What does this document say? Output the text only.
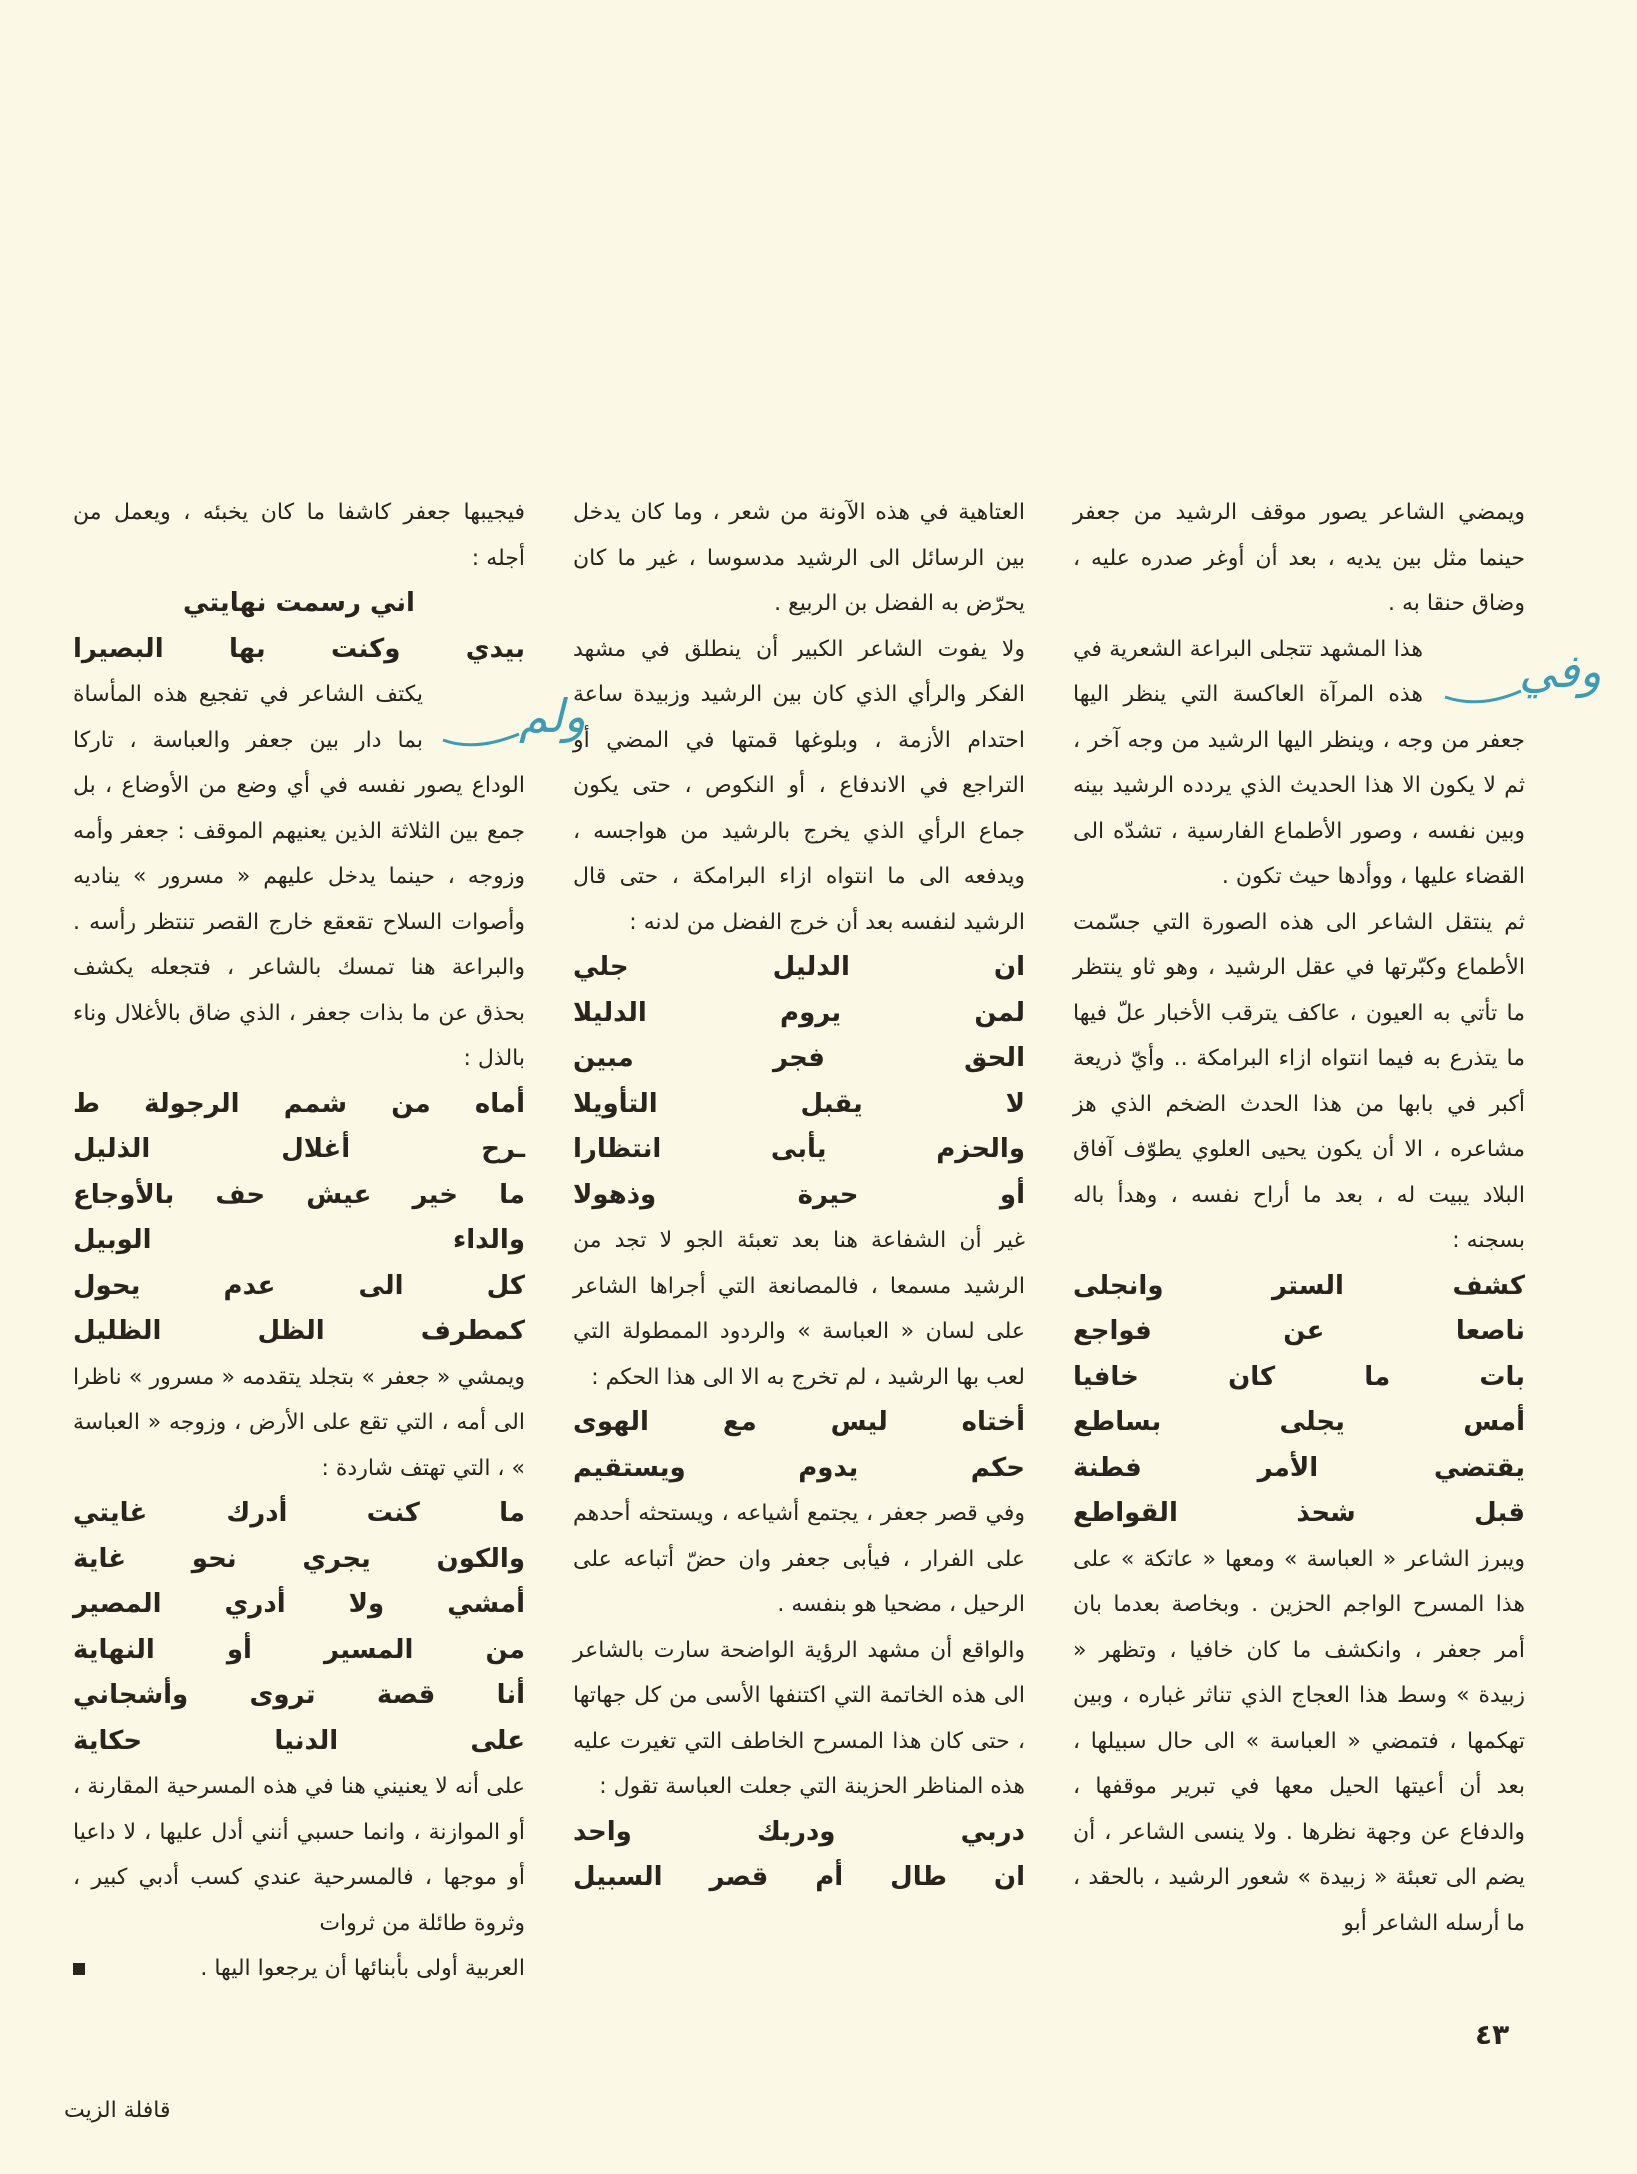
ويمضي الشاعر يصور موقف الرشيد من جعفر حينما مثل بين يديه ، بعد أن أوغر صدره عليه ، وضاق حنقا به .

وفي
هذا المشهد تتجلى البراعة الشعرية في هذه المرآة العاكسة التي ينظر اليها جعفر من وجه ، وينظر اليها الرشيد من وجه آخر ، ثم لا يكون الا هذا الحديث الذي يردده الرشيد بينه وبين نفسه ، وصور الأطماع الفارسية ، تشدّه الى القضاء عليها ، ووأدها حيث تكون .

ثم ينتقل الشاعر الى هذه الصورة التي جسّمت الأطماع وكبّرتها في عقل الرشيد ، وهو ثاو ينتظر ما تأتي به العيون ، عاكف يترقب الأخبار علّ فيها ما يتذرع به فيما انتواه ازاء البرامكة .. وأيّ ذريعة أكبر في بابها من هذا الحدث الضخم الذي هز مشاعره ، الا أن يكون يحيى العلوي يطوّف آفاق البلاد يبيت له ، بعد ما أراح نفسه ، وهدأ باله بسجنه :

كشف الستر وانجلى
ناصعا عن فواجع
بات ما كان خافيا
أمس يجلى بساطع
يقتضي الأمر فطنة
قبل شحذ القواطع

ويبرز الشاعر « العباسة » ومعها « عاتكة » على هذا المسرح الواجم الحزين . وبخاصة بعدما بان أمر جعفر ، وانكشف ما كان خافيا ، وتظهر « زبيدة » وسط هذا العجاج الذي تناثر غباره ، وبين تهكمها ، فتمضي « العباسة » الى حال سبيلها ، بعد أن أعيتها الحيل معها في تبرير موقفها ، والدفاع عن وجهة نظرها . ولا ينسى الشاعر ، أن يضم الى تعبئة « زبيدة » شعور الرشيد ، بالحقد ، ما أرسله الشاعر أبو

العتاهية في هذه الآونة من شعر ، وما كان يدخل بين الرسائل الى الرشيد مدسوسا ، غير ما كان يحرّض به الفضل بن الربيع .

ولا يفوت الشاعر الكبير أن ينطلق في مشهد الفكر والرأي الذي كان بين الرشيد وزبيدة ساعة احتدام الأزمة ، وبلوغها قمتها في المضي أو التراجع في الاندفاع ، أو النكوص ، حتى يكون جماع الرأي الذي يخرج بالرشيد من هواجسه ، ويدفعه الى ما انتواه ازاء البرامكة ، حتى قال الرشيد لنفسه بعد أن خرج الفضل من لدنه :

ان الدليل جلي
لمن يروم الدليلا
الحق فجر مبين
لا يقبل التأويلا
والحزم يأبى انتظارا
أو حيرة وذهولا

غير أن الشفاعة هنا بعد تعبئة الجو لا تجد من الرشيد مسمعا ، فالمصانعة التي أجراها الشاعر على لسان « العباسة » والردود الممطولة التي لعب بها الرشيد ، لم تخرج به الا الى هذا الحكم :

أختاه ليس مع الهوى
حكم يدوم ويستقيم

وفي قصر جعفر ، يجتمع أشياعه ، ويستحثه أحدهم على الفرار ، فيأبى جعفر وان حضّ أتباعه على الرحيل ، مضحيا هو بنفسه .

والواقع أن مشهد الرؤية الواضحة سارت بالشاعر الى هذه الخاتمة التي اكتنفها الأسى من كل جهاتها ، حتى كان هذا المسرح الخاطف التي تغيرت عليه هذه المناظر الحزينة التي جعلت العباسة تقول :

دربي ودربك واحد
ان طال أم قصر السبيل

فيجيبها جعفر كاشفا ما كان يخبئه ، ويعمل من أجله :

اني رسمت نهايتي
بيدي وكنت بها البصيرا

ولم
يكتف الشاعر في تفجيع هذه المأساة بما دار بين جعفر والعباسة ، تاركا الوداع يصور نفسه في أي وضع من الأوضاع ، بل جمع بين الثلاثة الذين يعنيهم الموقف : جعفر وأمه وزوجه ، حينما يدخل عليهم « مسرور » يناديه وأصوات السلاح تقعقع خارج القصر تنتظر رأسه . والبراعة هنا تمسك بالشاعر ، فتجعله يكشف بحذق عن ما بذات جعفر ، الذي ضاق بالأغلال وناء بالذل :

أماه من شمم الرجولة ط
ـرح أغلال الذليل
ما خير عيش حف بالأوجاع
والداء الوبيل
كل الى عدم يحول
كمطرف الظل الظليل

ويمشي « جعفر » بتجلد يتقدمه « مسرور » ناظرا الى أمه ، التي تقع على الأرض ، وزوجه « العباسة » ، التي تهتف شاردة :

ما كنت أدرك غايتي
والكون يجري نحو غاية
أمشي ولا أدري المصير
من المسير أو النهاية
أنا قصة تروى وأشجاني
على الدنيا حكاية

على أنه لا يعنيني هنا في هذه المسرحية المقارنة ، أو الموازنة ، وانما حسبي أنني أدل عليها ، لا داعيا أو موجها ، فالمسرحية عندي كسب أدبي كبير ، وثروة طائلة من ثروات

العربية أولى بأبنائها أن يرجعوا اليها .
٤٣
قافلة الزيت
